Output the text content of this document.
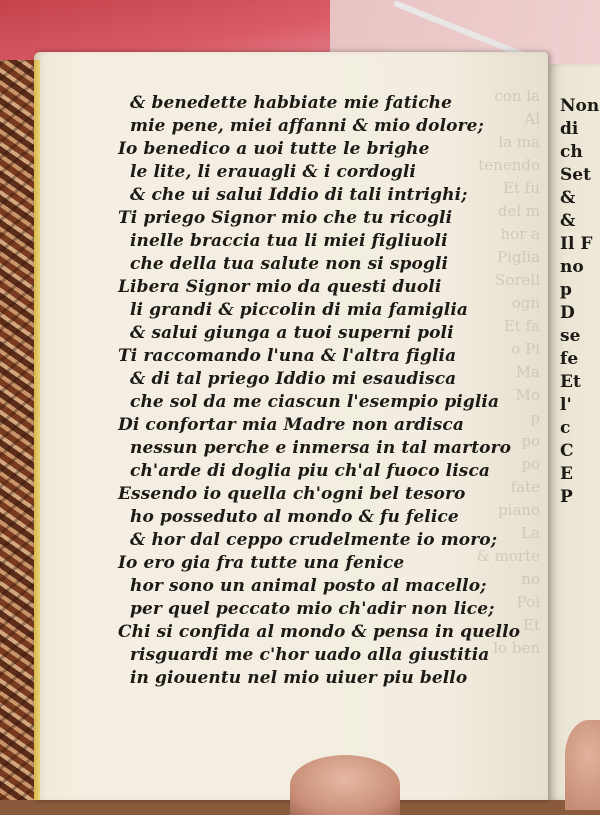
con la
Al
la ma
tenendo
Et fu
del m
hor a
Piglia
Sorell
ogn
Et fa
o Pi
Ma
Mo
p
po
po
fate
piano
La
& morte
no
Poi
Et
lo ben
& benedette habbiate mie fatiche
mie pene, miei affanni & mio dolore;
Io benedico a uoi tutte le brighe
le lite, li erauagli & i cordogli
& che ui salui Iddio di tali intrighi;
Ti priego Signor mio che tu ricogli
inelle braccia tua li miei figliuoli
che della tua salute non si spogli
Libera Signor mio da questi duoli
li grandi & piccolin di mia famiglia
& salui giunga a tuoi superni poli
Ti raccomando l'una & l'altra figlia
& di tal priego Iddio mi esaudisca
che sol da me ciascun l'esempio piglia
Di confortar mia Madre non ardisca
nessun perche e inmersa in tal martoro
ch'arde di doglia piu ch'al fuoco lisca
Essendo io quella ch'ogni bel tesoro
ho posseduto al mondo & fu felice
& hor dal ceppo crudelmente io moro;
Io ero gia fra tutte una fenice
hor sono un animal posto al macello;
per quel peccato mio ch'adir non lice;
Chi si confida al mondo & pensa in quello
risguardi me c'hor uado alla giustitia
in giouentu nel mio uiuer piu bello
Non
di
ch
Set
&
&
Il F
no
p
D
se
fe
Et
l'
c
C
E
P
